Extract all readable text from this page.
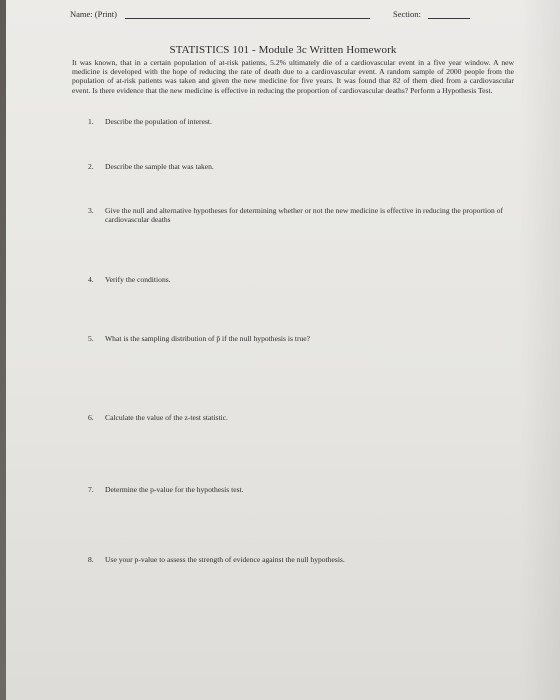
Name: (Print)	Section:
STATISTICS 101 - Module 3c Written Homework
It was known, that in a certain population of at-risk patients, 5.2% ultimately die of a cardiovascular event in a five year window. A new medicine is developed with the hope of reducing the rate of death due to a cardiovascular event. A random sample of 2000 people from the population of at-risk patients was taken and given the new medicine for five years. It was found that 82 of them died from a cardiovascular event. Is there evidence that the new medicine is effective in reducing the proportion of cardiovascular deaths? Perform a Hypothesis Test.
1.	Describe the population of interest.
2.	Describe the sample that was taken.
3.	Give the null and alternative hypotheses for determining whether or not the new medicine is effective in reducing the proportion of cardiovascular deaths
4.	Verify the conditions.
5.	What is the sampling distribution of p̂ if the null hypothesis is true?
6.	Calculate the value of the z-test statistic.
7.	Determine the p-value for the hypothesis test.
8.	Use your p-value to assess the strength of evidence against the null hypothesis.
